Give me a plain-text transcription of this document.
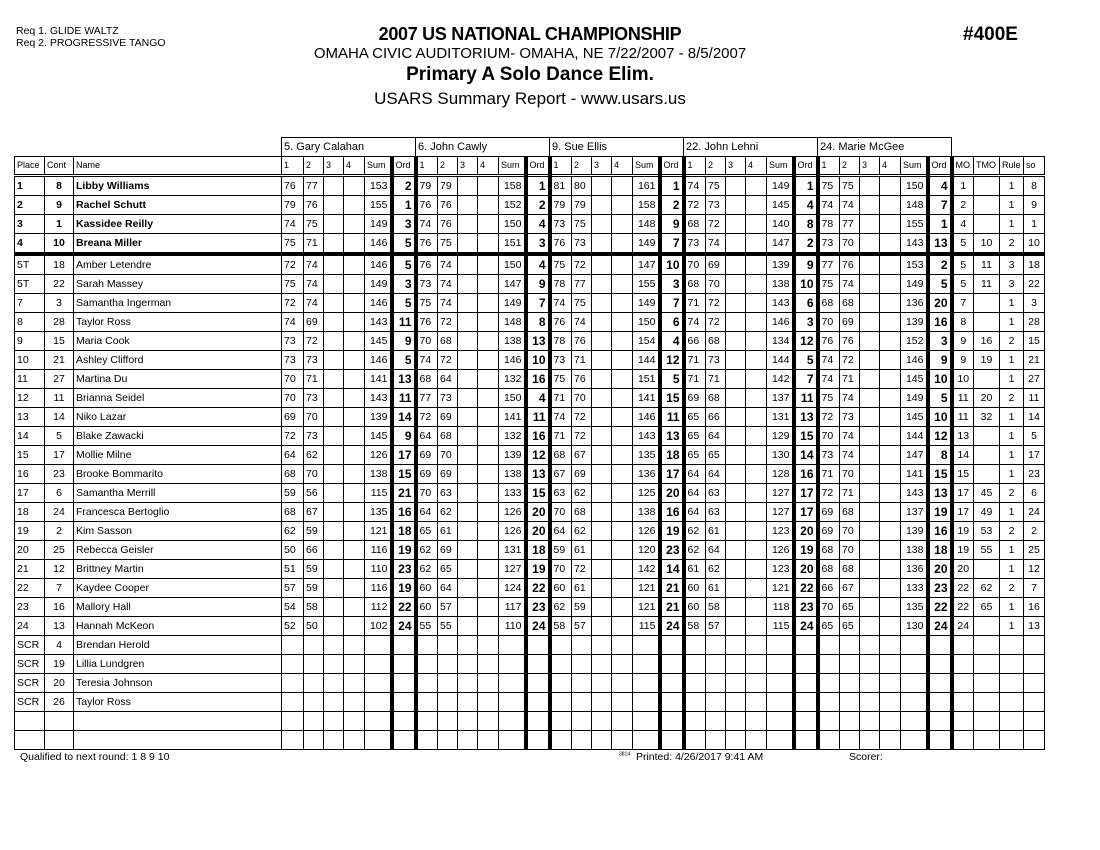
Req 1. GLIDE WALTZ
Req 2. PROGRESSIVE TANGO	2007 US NATIONAL CHAMPIONSHIP
OMAHA CIVIC AUDITORIUM- OMAHA, NE 7/22/2007 - 8/5/2007
Primary A Solo Dance Elim.
USARS Summary Report - www.usars.us
#400E
			5. Gary Calahan						6. John Cawly						9. Sue Ellis						22. John Lehni						24. Marie McGee									
Place	Cont	Name	1	2	3	4	Sum	Ord	1	2	3	4	Sum	Ord	1	2	3	4	Sum	Ord	1	2	3	4	Sum	Ord	1	2	3	4	Sum	Ord	MO	TMO	Rule	so
1	8	Libby Williams	76	77			153	2	79	79			158	1	81	80			161	1	74	75			149	1	75	75			150	4	1		1	8
2	9	Rachel Schutt	79	76			155	1	76	76			152	2	79	79			158	2	72	73			145	4	74	74			148	7	2		1	9
3	1	Kassidee Reilly	74	75			149	3	74	76			150	4	73	75			148	9	68	72			140	8	78	77			155	1	4		1	1
4	10	Breana Miller	75	71			146	5	76	75			151	3	76	73			149	7	73	74			147	2	73	70			143	13	5	10	2	10
5T	18	Amber Letendre	72	74			146	5	76	74			150	4	75	72			147	10	70	69			139	9	77	76			153	2	5	11	3	18
5T	22	Sarah Massey	75	74			149	3	73	74			147	9	78	77			155	3	68	70			138	10	75	74			149	5	5	11	3	22
7	3	Samantha Ingerman	72	74			146	5	75	74			149	7	74	75			149	7	71	72			143	6	68	68			136	20	7		1	3
8	28	Taylor Ross	74	69			143	11	76	72			148	8	76	74			150	6	74	72			146	3	70	69			139	16	8		1	28
9	15	Maria Cook	73	72			145	9	70	68			138	13	78	76			154	4	66	68			134	12	76	76			152	3	9	16	2	15
10	21	Ashley Clifford	73	73			146	5	74	72			146	10	73	71			144	12	71	73			144	5	74	72			146	9	9	19	1	21
11	27	Martina Du	70	71			141	13	68	64			132	16	75	76			151	5	71	71			142	7	74	71			145	10	10		1	27
12	11	Brianna Seidel	70	73			143	11	77	73			150	4	71	70			141	15	69	68			137	11	75	74			149	5	11	20	2	11
13	14	Niko Lazar	69	70			139	14	72	69			141	11	74	72			146	11	65	66			131	13	72	73			145	10	11	32	1	14
14	5	Blake Zawacki	72	73			145	9	64	68			132	16	71	72			143	13	65	64			129	15	70	74			144	12	13		1	5
15	17	Mollie Milne	64	62			126	17	69	70			139	12	68	67			135	18	65	65			130	14	73	74			147	8	14		1	17
16	23	Brooke Bommarito	68	70			138	15	69	69			138	13	67	69			136	17	64	64			128	16	71	70			141	15	15		1	23
17	6	Samantha Merrill	59	56			115	21	70	63			133	15	63	62			125	20	64	63			127	17	72	71			143	13	17	45	2	6
18	24	Francesca Bertoglio	68	67			135	16	64	62			126	20	70	68			138	16	64	63			127	17	69	68			137	19	17	49	1	24
19	2	Kim Sasson	62	59			121	18	65	61			126	20	64	62			126	19	62	61			123	20	69	70			139	16	19	53	2	2
20	25	Rebecca Geisler	50	66			116	19	62	69			131	18	59	61			120	23	62	64			126	19	68	70			138	18	19	55	1	25
21	12	Brittney Martin	51	59			110	23	62	65			127	19	70	72			142	14	61	62			123	20	68	68			136	20	20		1	12
22	7	Kaydee Cooper	57	59			116	19	60	64			124	22	60	61			121	21	60	61			121	22	66	67			133	23	22	62	2	7
23	16	Mallory Hall	54	58			112	22	60	57			117	23	62	59			121	21	60	58			118	23	70	65			135	22	22	65	1	16
24	13	Hannah McKeon	52	50			102	24	55	55			110	24	58	57			115	24	58	57			115	24	65	65			130	24	24		1	13
SCR	4	Brendan Herold																																		
SCR	19	Lillia Lundgren																																		
SCR	20	Teresia Johnson																																		
SCR	26	Taylor Ross																																		

Qualified to next round: 1 8 9 10	$^{3814}$ Printed: 4/26/2017 9:41 AM	Scorer:
